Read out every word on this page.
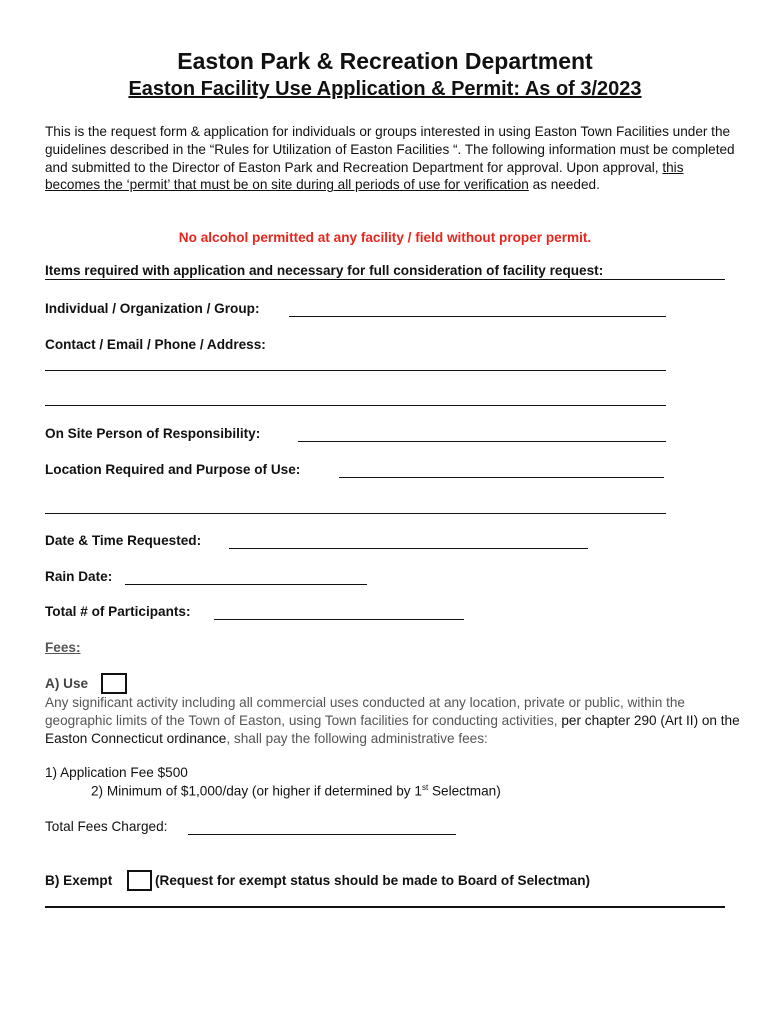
Easton Park & Recreation Department
Easton Facility Use Application & Permit: As of 3/2023
This is the request form & application for individuals or groups interested in using Easton Town Facilities under the guidelines described in the “Rules for Utilization of Easton Facilities “. The following information must be completed and submitted to the Director of Easton Park and Recreation Department for approval. Upon approval, this becomes the ‘permit’ that must be on site during all periods of use for verification as needed.
No alcohol permitted at any facility / field without proper permit.
Items required with application and necessary for full consideration of facility request:
Individual / Organization / Group:
Contact / Email / Phone / Address:
On Site Person of Responsibility:
Location Required and Purpose of Use:
Date & Time Requested:
Rain Date:
Total # of Participants:
Fees:
A) Use
Any significant activity including all commercial uses conducted at any location, private or public, within the geographic limits of the Town of Easton, using Town facilities for conducting activities, per chapter 290 (Art II) on the Easton Connecticut ordinance, shall pay the following administrative fees:
1) Application Fee $500
2) Minimum of $1,000/day (or higher if determined by 1st Selectman)
Total Fees Charged:
B) Exempt	(Request for exempt status should be made to Board of Selectman)
